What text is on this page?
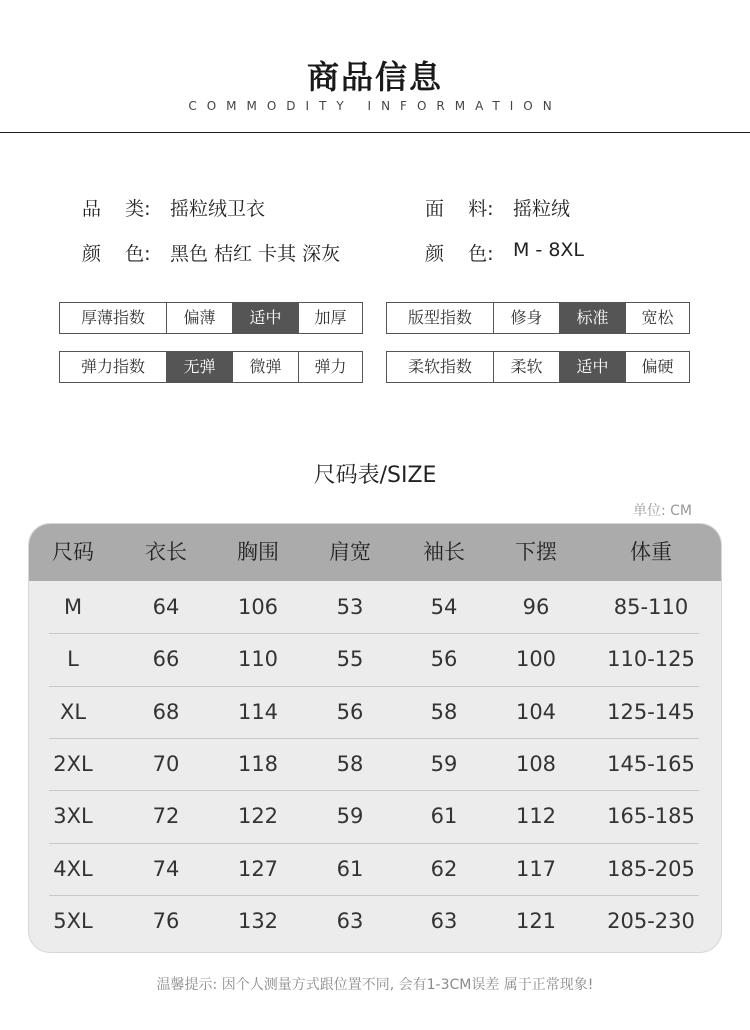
商品信息
COMMODITY INFORMATION
品    类: 摇粒绒卫衣	面    料: 摇粒绒
颜    色: 黑色 桔红 卡其 深灰	颜    色: M - 8XL
厚薄指数	偏薄	适中	加厚
弹力指数	无弹	微弹	弹力
版型指数	修身	标准	宽松
柔软指数	柔软	适中	偏硬
尺码表/SIZE
单位: CM
尺码	衣长	胸围	肩宽	袖长	下摆	体重
M	64	106	53	54	96	85-110
L	66	110	55	56	100	110-125
XL	68	114	56	58	104	125-145
2XL	70	118	58	59	108	145-165
3XL	72	122	59	61	112	165-185
4XL	74	127	61	62	117	185-205
5XL	76	132	63	63	121	205-230
温馨提示: 因个人测量方式跟位置不同, 会有1-3CM误差 属于正常现象!
